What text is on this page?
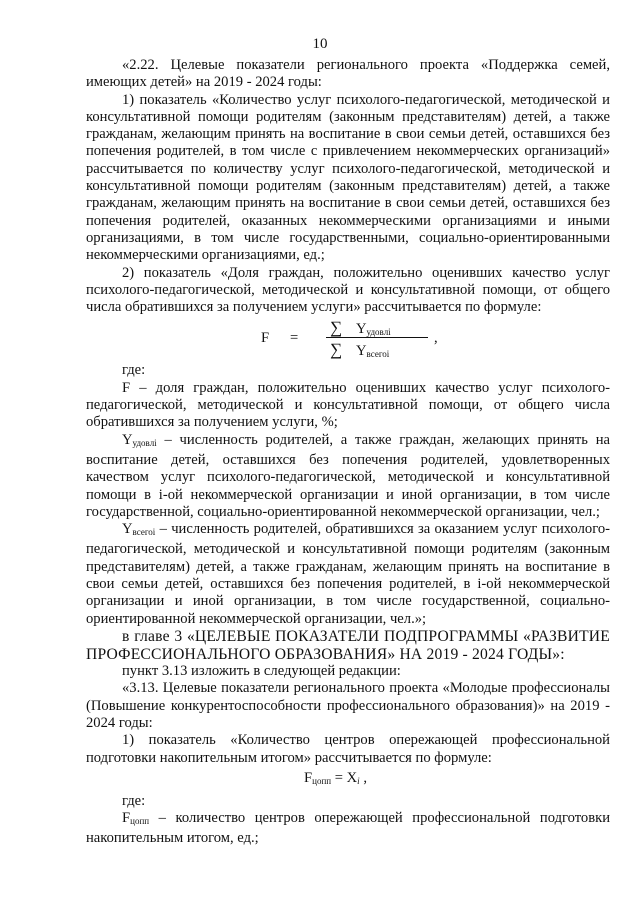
10

«2.22. Целевые показатели регионального проекта «Поддержка семей, имеющих детей» на 2019 - 2024 годы:

1) показатель «Количество услуг психолого-педагогической, методической и консультативной помощи родителям (законным представителям) детей, а также гражданам, желающим принять на воспитание в свои семьи детей, оставшихся без попечения родителей, в том числе с привлечением некоммерческих организаций» рассчитывается по количеству услуг психолого-педагогической, методической и консультативной помощи родителям (законным представителям) детей, а также гражданам, желающим принять на воспитание в свои семьи детей, оставшихся без попечения родителей, оказанных некоммерческими организациями и иными организациями, в том числе государственными, социально-ориентированными некоммерческими организациями, ед.;

2) показатель «Доля граждан, положительно оценивших качество услуг психолого-педагогической, методической и консультативной помощи, от общего числа обратившихся за получением услуги» рассчитывается по формуле:

F =
∑ $Y_{удовлi}$
∑ $Y_{всегоi}$
,

где:

F – доля граждан, положительно оценивших качество услуг психолого-педагогической, методической и консультативной помощи, от общего числа обратившихся за получением услуги, %;

$Y_{удовлi}$ – численность родителей, а также граждан, желающих принять на воспитание детей, оставшихся без попечения родителей, удовлетворенных качеством услуг психолого-педагогической, методической и консультативной помощи в i-ой некоммерческой организации и иной организации, в том числе государственной, социально-ориентированной некоммерческой организации, чел.;

$Y_{всегоi}$ – численность родителей, обратившихся за оказанием услуг психолого-педагогической, методической и консультативной помощи родителям (законным представителям) детей, а также гражданам, желающим принять на воспитание в свои семьи детей, оставшихся без попечения родителей, в i-ой некоммерческой организации и иной организации, в том числе государственной, социально-ориентированной некоммерческой организации, чел.»;

в главе 3 «ЦЕЛЕВЫЕ ПОКАЗАТЕЛИ ПОДПРОГРАММЫ «РАЗВИТИЕ ПРОФЕССИОНАЛЬНОГО ОБРАЗОВАНИЯ» НА 2019 - 2024 ГОДЫ»:

пункт 3.13 изложить в следующей редакции:

«3.13. Целевые показатели регионального проекта «Молодые профессионалы (Повышение конкурентоспособности профессионального образования)» на 2019 - 2024 годы:

1) показатель «Количество центров опережающей профессиональной подготовки накопительным итогом» рассчитывается по формуле:

$F_{цопп} = X_i$ ,

где:

$F_{цопп}$ – количество центров опережающей профессиональной подготовки накопительным итогом, ед.;
